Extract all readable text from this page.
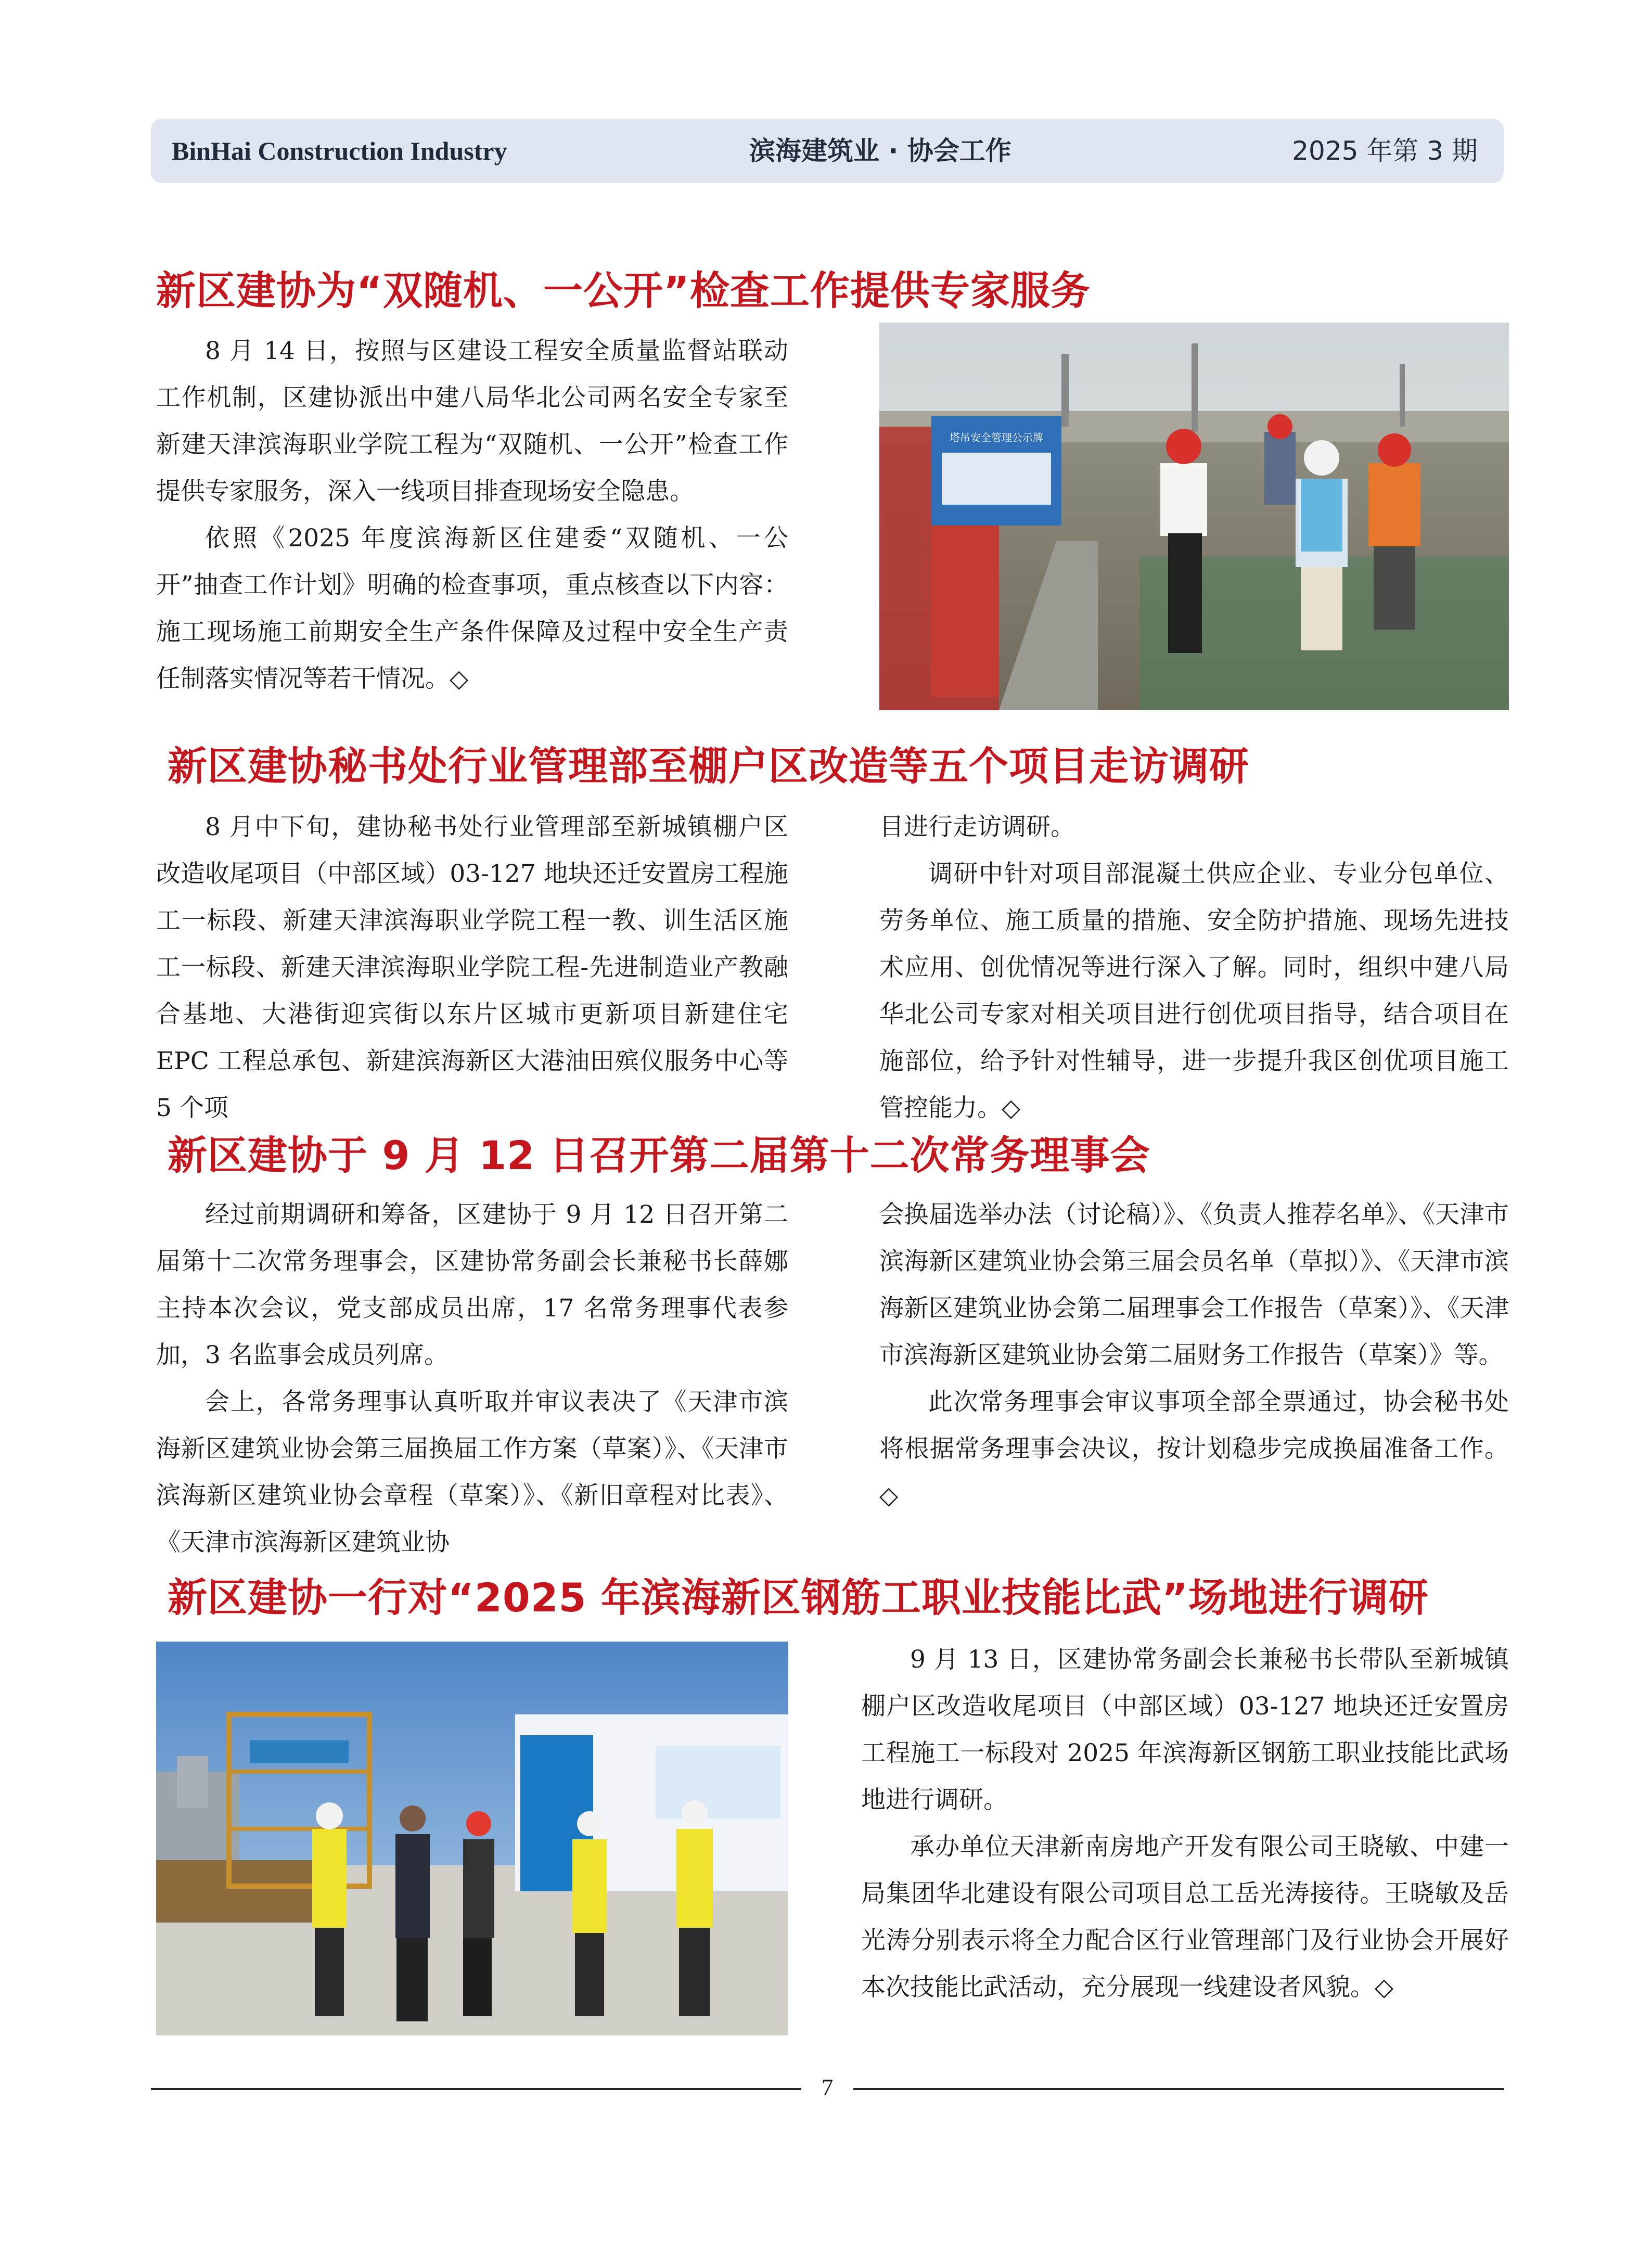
BinHai Construction Industry	滨海建筑业 · 协会工作	2025 年第 3 期
新区建协为“双随机、一公开”检查工作提供专家服务

8 月 14 日，按照与区建设工程安全质量监督站联动工作机制，区建协派出中建八局华北公司两名安全专家至新建天津滨海职业学院工程为“双随机、一公开”检查工作提供专家服务，深入一线项目排查现场安全隐患。

依照《2025 年度滨海新区住建委“双随机、一公开”抽查工作计划》明确的检查事项，重点核查以下内容：施工现场施工前期安全生产条件保障及过程中安全生产责任制落实情况等若干情况。◇

塔吊安全管理公示牌
新区建协秘书处行业管理部至棚户区改造等五个项目走访调研

8 月中下旬，建协秘书处行业管理部至新城镇棚户区改造收尾项目（中部区域）03-127 地块还迁安置房工程施工一标段、新建天津滨海职业学院工程一教、训生活区施工一标段、新建天津滨海职业学院工程-先进制造业产教融合基地、大港街迎宾街以东片区城市更新项目新建住宅 EPC 工程总承包、新建滨海新区大港油田殡仪服务中心等 5 个项

目进行走访调研。

调研中针对项目部混凝土供应企业、专业分包单位、劳务单位、施工质量的措施、安全防护措施、现场先进技术应用、创优情况等进行深入了解。同时，组织中建八局华北公司专家对相关项目进行创优项目指导，结合项目在施部位，给予针对性辅导，进一步提升我区创优项目施工管控能力。◇

新区建协于 9 月 12 日召开第二届第十二次常务理事会

经过前期调研和筹备，区建协于 9 月 12 日召开第二届第十二次常务理事会，区建协常务副会长兼秘书长薛娜主持本次会议，党支部成员出席，17 名常务理事代表参加，3 名监事会成员列席。

会上，各常务理事认真听取并审议表决了《天津市滨海新区建筑业协会第三届换届工作方案（草案）》、《天津市滨海新区建筑业协会章程（草案）》、《新旧章程对比表》、《天津市滨海新区建筑业协

会换届选举办法（讨论稿）》、《负责人推荐名单》、《天津市滨海新区建筑业协会第三届会员名单（草拟）》、《天津市滨海新区建筑业协会第二届理事会工作报告（草案）》、《天津市滨海新区建筑业协会第二届财务工作报告（草案）》等。

此次常务理事会审议事项全部全票通过，协会秘书处将根据常务理事会决议，按计划稳步完成换届准备工作。◇

新区建协一行对“2025 年滨海新区钢筋工职业技能比武”场地进行调研

9 月 13 日，区建协常务副会长兼秘书长带队至新城镇棚户区改造收尾项目（中部区域）03-127 地块还迁安置房工程施工一标段对 2025 年滨海新区钢筋工职业技能比武场地进行调研。

承办单位天津新南房地产开发有限公司王晓敏、中建一局集团华北建设有限公司项目总工岳光涛接待。王晓敏及岳光涛分别表示将全力配合区行业管理部门及行业协会开展好本次技能比武活动，充分展现一线建设者风貌。◇

7
